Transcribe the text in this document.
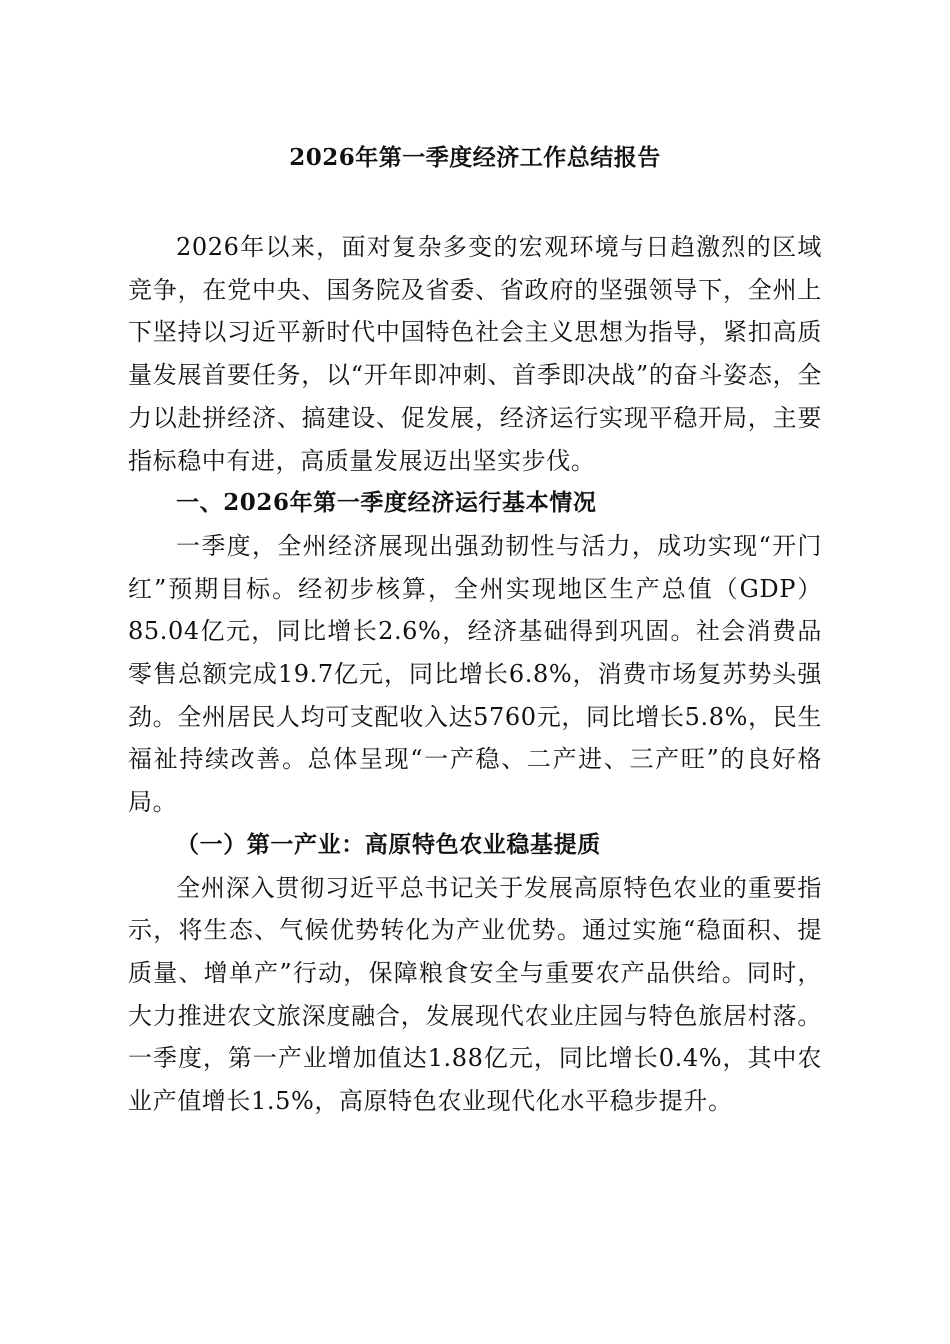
2026年第一季度经济工作总结报告

2026年以来，面对复杂多变的宏观环境与日趋激烈的区域竞争，在党中央、国务院及省委、省政府的坚强领导下，全州上下坚持以习近平新时代中国特色社会主义思想为指导，紧扣高质量发展首要任务，以“开年即冲刺、首季即决战”的奋斗姿态，全力以赴拼经济、搞建设、促发展，经济运行实现平稳开局，主要指标稳中有进，高质量发展迈出坚实步伐。

一、2026年第一季度经济运行基本情况

一季度，全州经济展现出强劲韧性与活力，成功实现“开门红”预期目标。经初步核算，全州实现地区生产总值（GDP）85.04亿元，同比增长2.6%，经济基础得到巩固。社会消费品零售总额完成19.7亿元，同比增长6.8%，消费市场复苏势头强劲。全州居民人均可支配收入达5760元，同比增长5.8%，民生福祉持续改善。总体呈现“一产稳、二产进、三产旺”的良好格局。

（一）第一产业：高原特色农业稳基提质

全州深入贯彻习近平总书记关于发展高原特色农业的重要指示，将生态、气候优势转化为产业优势。通过实施“稳面积、提质量、增单产”行动，保障粮食安全与重要农产品供给。同时，大力推进农文旅深度融合，发展现代农业庄园与特色旅居村落。一季度，第一产业增加值达1.88亿元，同比增长0.4%，其中农业产值增长1.5%，高原特色农业现代化水平稳步提升。
